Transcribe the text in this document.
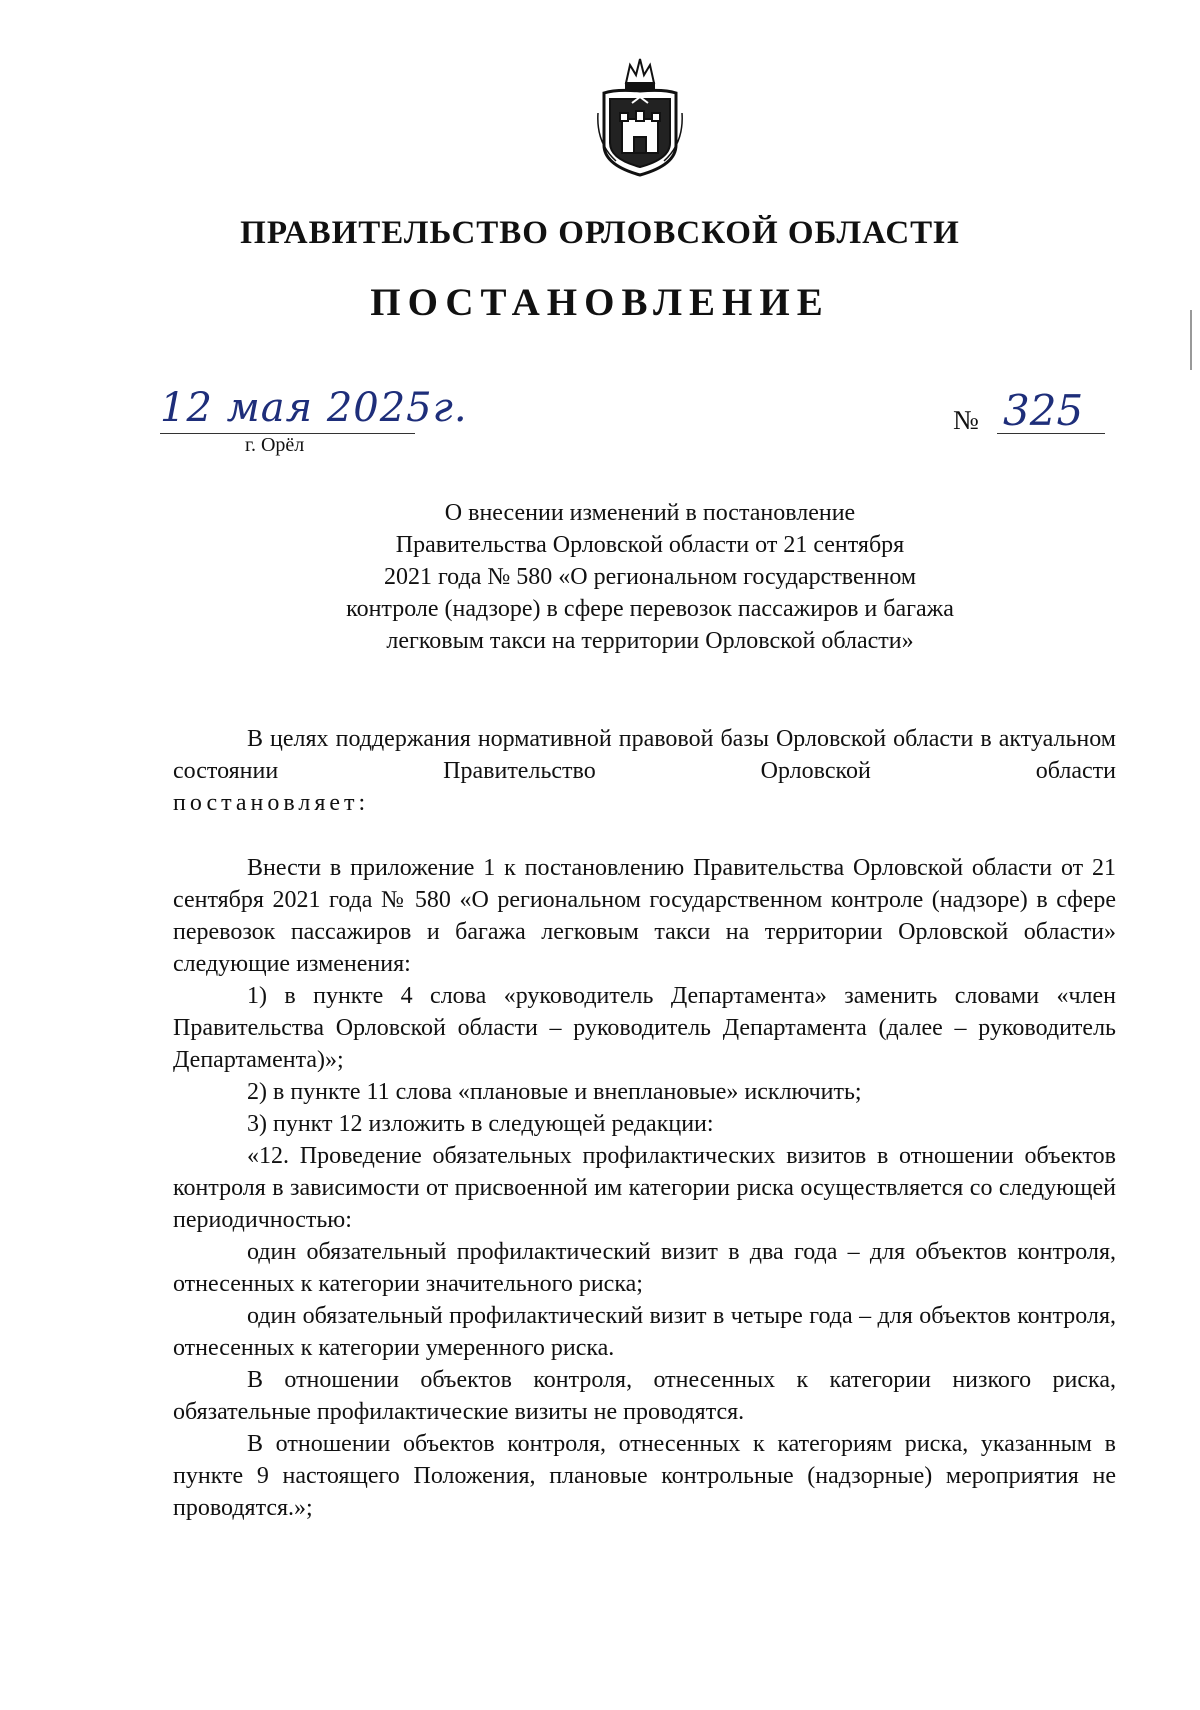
ПРАВИТЕЛЬСТВО ОРЛОВСКОЙ ОБЛАСТИ
ПОСТАНОВЛЕНИЕ
12 мая 2025г.
г. Орёл
№ 325
О внесении изменений в постановление
Правительства Орловской области от 21 сентября
2021 года № 580 «О региональном государственном
контроле (надзоре) в сфере перевозок пассажиров и багажа
легковым такси на территории Орловской области»

В целях поддержания нормативной правовой базы Орловской области в актуальном состоянии Правительство Орловской области

постановляет:

Внести в приложение 1 к постановлению Правительства Орловской области от 21 сентября 2021 года № 580 «О региональном государственном контроле (надзоре) в сфере перевозок пассажиров и багажа легковым такси на территории Орловской области» следующие изменения:

1) в пункте 4 слова «руководитель Департамента» заменить словами «член Правительства Орловской области – руководитель Департамента (далее – руководитель Департамента)»;

2) в пункте 11 слова «плановые и внеплановые» исключить;

3) пункт 12 изложить в следующей редакции:

«12. Проведение обязательных профилактических визитов в отношении объектов контроля в зависимости от присвоенной им категории риска осуществляется со следующей периодичностью:

один обязательный профилактический визит в два года – для объектов контроля, отнесенных к категории значительного риска;

один обязательный профилактический визит в четыре года – для объектов контроля, отнесенных к категории умеренного риска.

В отношении объектов контроля, отнесенных к категории низкого риска, обязательные профилактические визиты не проводятся.

В отношении объектов контроля, отнесенных к категориям риска, указанным в пункте 9 настоящего Положения, плановые контрольные (надзорные) мероприятия не проводятся.»;
